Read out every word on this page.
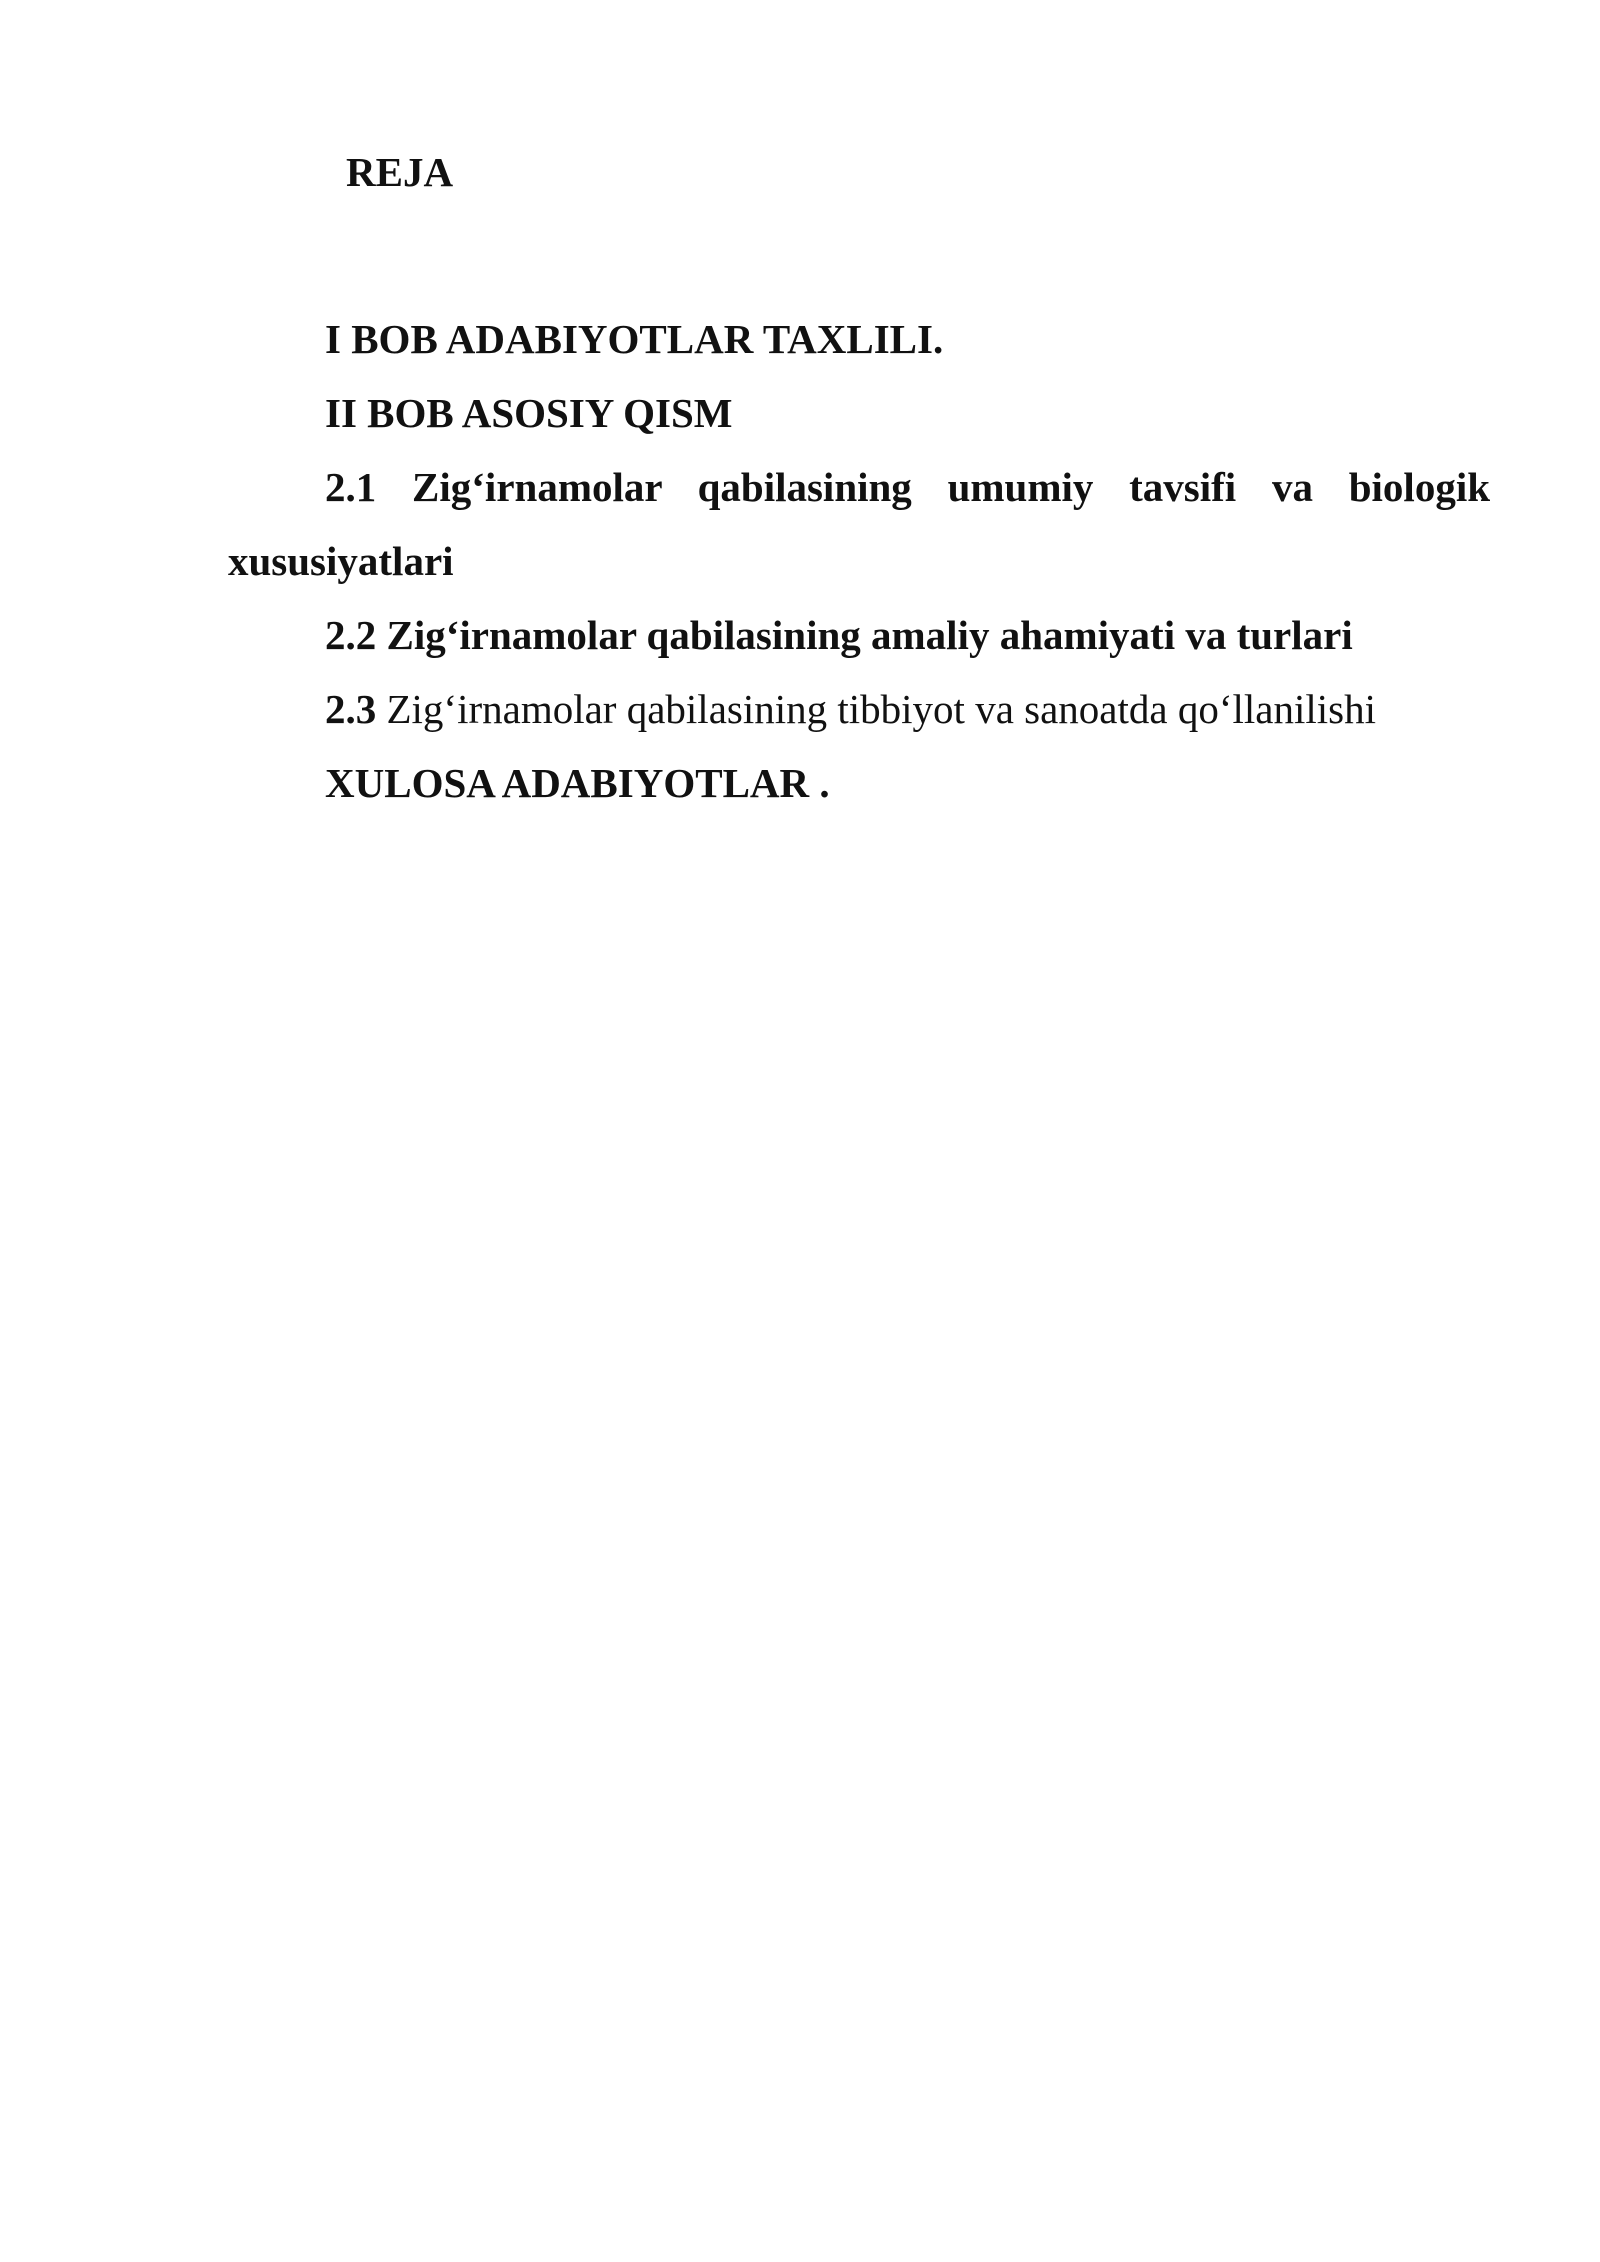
REJA

I BOB ADABIYOTLAR TAXLILI.

II BOB ASOSIY QISM

2.1 Zig‘irnamolar qabilasining umumiy tavsifi va biologik xususiyatlari

2.2 Zig‘irnamolar qabilasining amaliy ahamiyati va turlari

2.3 Zig‘irnamolar qabilasining tibbiyot va sanoatda qo‘llanilishi

XULOSA ADABIYOTLAR .
